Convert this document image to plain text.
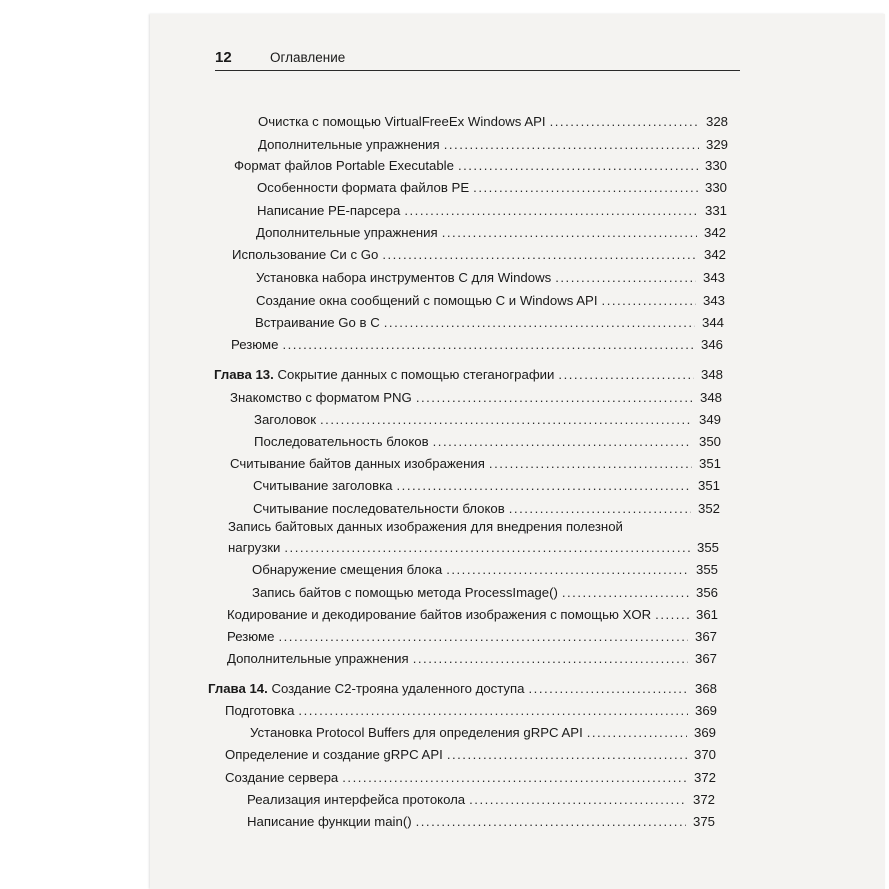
12	Оглавление
Очистка с помощью VirtualFreeEx Windows API .....	328
Дополнительные упражнения .....	329
Формат файлов Portable Executable .....	330
Особенности формата файлов PE .....	330
Написание PE-парсера .....	331
Дополнительные упражнения .....	342
Использование Си с Go .....	342
Установка набора инструментов C для Windows .....	343
Создание окна сообщений с помощью C и Windows API .....	343
Встраивание Go в C .....	344
Резюме .....	346
Глава 13. Сокрытие данных с помощью стеганографии .....	348
Знакомство с форматом PNG .....	348
Заголовок .....	349
Последовательность блоков .....	350
Считывание байтов данных изображения .....	351
Считывание заголовка .....	351
Считывание последовательности блоков .....	352
Запись байтовых данных изображения для внедрения полезной
нагрузки .....	355
Обнаружение смещения блока .....	355
Запись байтов с помощью метода ProcessImage() .....	356
Кодирование и декодирование байтов изображения с помощью XOR .....	361
Резюме .....	367
Дополнительные упражнения .....	367
Глава 14. Создание С2-трояна удаленного доступа .....	368
Подготовка .....	369
Установка Protocol Buffers для определения gRPC API .....	369
Определение и создание gRPC API .....	370
Создание сервера .....	372
Реализация интерфейса протокола .....	372
Написание функции main() .....	375
